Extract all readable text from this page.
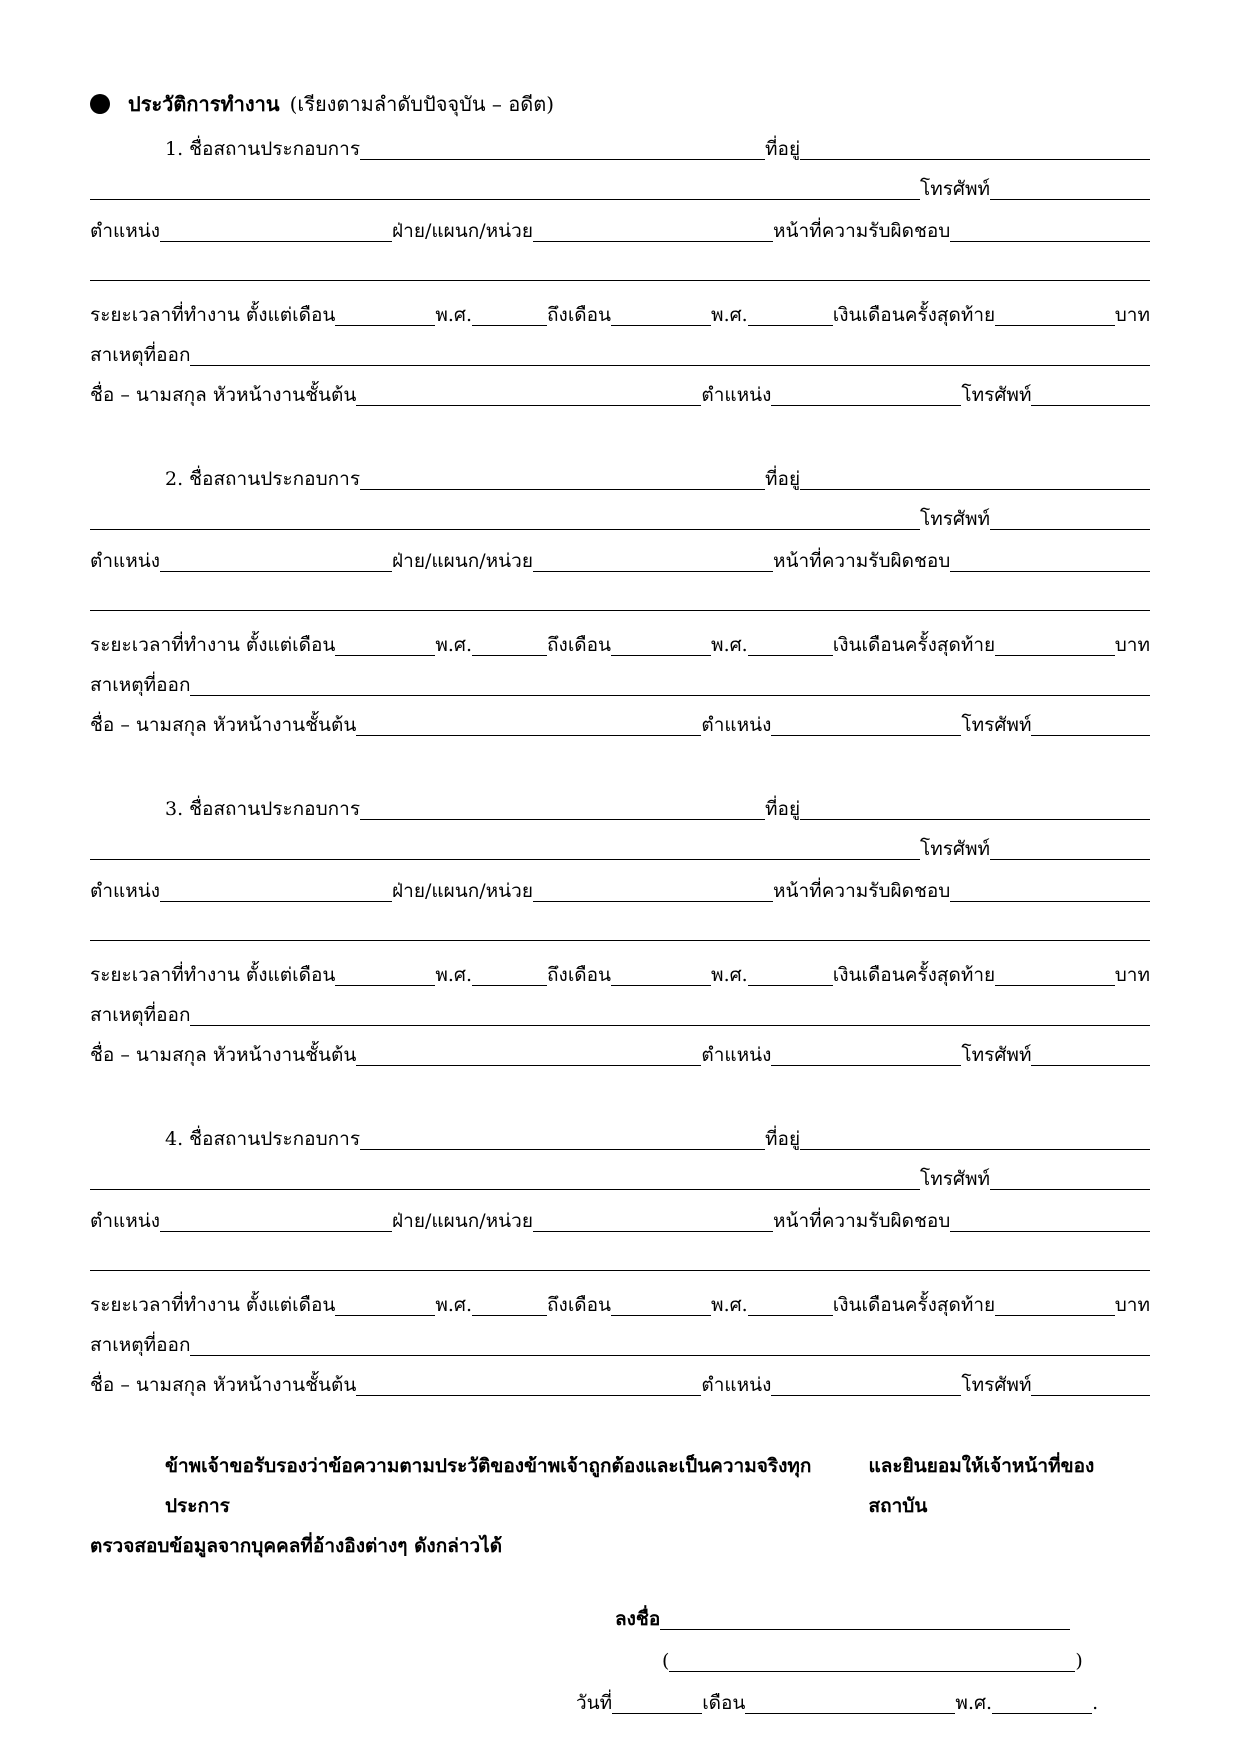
ประวัติการทำงาน (เรียงตามลำดับปัจจุบัน – อดีต)
1. ชื่อสถานประกอบการ	ที่อยู่
โทรศัพท์
ตำแหน่ง	ฝ่าย/แผนก/หน่วย	หน้าที่ความรับผิดชอบ
ระยะเวลาที่ทำงาน ตั้งแต่เดือน	พ.ศ.	ถึงเดือน	พ.ศ.	เงินเดือนครั้งสุดท้าย	บาท
สาเหตุที่ออก
ชื่อ – นามสกุล หัวหน้างานชั้นต้น	ตำแหน่ง	โทรศัพท์
2. ชื่อสถานประกอบการ	ที่อยู่
โทรศัพท์
ตำแหน่ง	ฝ่าย/แผนก/หน่วย	หน้าที่ความรับผิดชอบ
ระยะเวลาที่ทำงาน ตั้งแต่เดือน	พ.ศ.	ถึงเดือน	พ.ศ.	เงินเดือนครั้งสุดท้าย	บาท
สาเหตุที่ออก
ชื่อ – นามสกุล หัวหน้างานชั้นต้น	ตำแหน่ง	โทรศัพท์
3. ชื่อสถานประกอบการ	ที่อยู่
โทรศัพท์
ตำแหน่ง	ฝ่าย/แผนก/หน่วย	หน้าที่ความรับผิดชอบ
ระยะเวลาที่ทำงาน ตั้งแต่เดือน	พ.ศ.	ถึงเดือน	พ.ศ.	เงินเดือนครั้งสุดท้าย	บาท
สาเหตุที่ออก
ชื่อ – นามสกุล หัวหน้างานชั้นต้น	ตำแหน่ง	โทรศัพท์
4. ชื่อสถานประกอบการ	ที่อยู่
โทรศัพท์
ตำแหน่ง	ฝ่าย/แผนก/หน่วย	หน้าที่ความรับผิดชอบ
ระยะเวลาที่ทำงาน ตั้งแต่เดือน	พ.ศ.	ถึงเดือน	พ.ศ.	เงินเดือนครั้งสุดท้าย	บาท
สาเหตุที่ออก
ชื่อ – นามสกุล หัวหน้างานชั้นต้น	ตำแหน่ง	โทรศัพท์
ข้าพเจ้าขอรับรองว่าข้อความตามประวัติของข้าพเจ้าถูกต้องและเป็นความจริงทุกประการ
และยินยอมให้เจ้าหน้าที่ของสถาบัน
ตรวจสอบข้อมูลจากบุคคลที่อ้างอิงต่างๆ ดังกล่าวได้
ลงชื่อ
(	)
วันที่	เดือน	พ.ศ.	.
